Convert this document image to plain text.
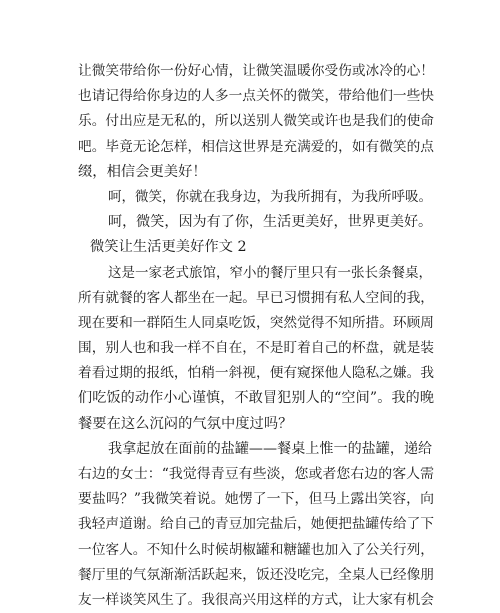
让微笑带给你一份好心情，让微笑温暖你受伤或冰冷的心！
也请记得给你身边的人多一点关怀的微笑，带给他们一些快
乐。付出应是无私的，所以送别人微笑或许也是我们的使命
吧。毕竟无论怎样，相信这世界是充满爱的，如有微笑的点
缀，相信会更美好！
呵，微笑，你就在我身边，为我所拥有，为我所呼吸。
呵，微笑，因为有了你，生活更美好，世界更美好。
微笑让生活更美好作文 2
这是一家老式旅馆，窄小的餐厅里只有一张长条餐桌，
所有就餐的客人都坐在一起。早已习惯拥有私人空间的我，
现在要和一群陌生人同桌吃饭，突然觉得不知所措。环顾周
围，别人也和我一样不自在，不是盯着自己的杯盘，就是装
着看过期的报纸，怕稍一斜视，便有窥探他人隐私之嫌。我
们吃饭的动作小心谨慎，不敢冒犯别人的“空间”。我的晚
餐要在这么沉闷的气氛中度过吗？
我拿起放在面前的盐罐——餐桌上惟一的盐罐，递给
右边的女士：“我觉得青豆有些淡，您或者您右边的客人需
要盐吗？”我微笑着说。她愣了一下，但马上露出笑容，向
我轻声道谢。给自己的青豆加完盐后，她便把盐罐传给了下
一位客人。不知什么时候胡椒罐和糖罐也加入了公关行列，
餐厅里的气氛渐渐活跃起来，饭还没吃完，全桌人已经像朋
友一样谈笑风生了。我很高兴用这样的方式，让大家有机会
